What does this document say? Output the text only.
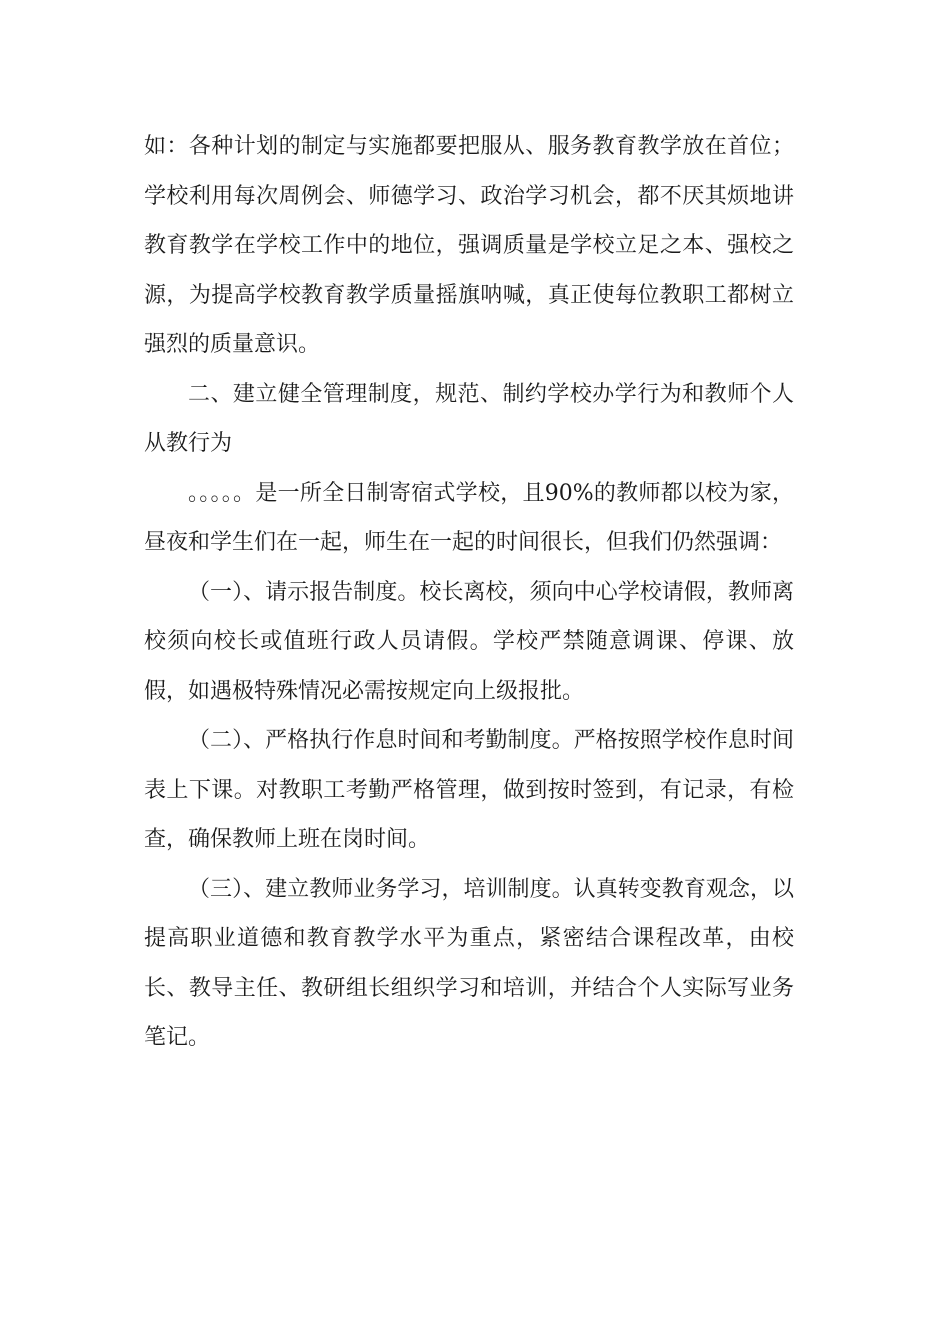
如：各种计划的制定与实施都要把服从、服务教育教学放在首位；学校利用每次周例会、师德学习、政治学习机会，都不厌其烦地讲教育教学在学校工作中的地位，强调质量是学校立足之本、强校之源，为提高学校教育教学质量摇旗呐喊，真正使每位教职工都树立强烈的质量意识。

二、建立健全管理制度，规范、制约学校办学行为和教师个人从教行为

。。。。。是一所全日制寄宿式学校，且90%的教师都以校为家，昼夜和学生们在一起，师生在一起的时间很长，但我们仍然强调：

（一）、请示报告制度。校长离校，须向中心学校请假，教师离校须向校长或值班行政人员请假。学校严禁随意调课、停课、放假，如遇极特殊情况必需按规定向上级报批。

（二）、严格执行作息时间和考勤制度。严格按照学校作息时间表上下课。对教职工考勤严格管理，做到按时签到，有记录，有检查，确保教师上班在岗时间。

（三）、建立教师业务学习，培训制度。认真转变教育观念，以提高职业道德和教育教学水平为重点，紧密结合课程改革，由校长、教导主任、教研组长组织学习和培训，并结合个人实际写业务笔记。
